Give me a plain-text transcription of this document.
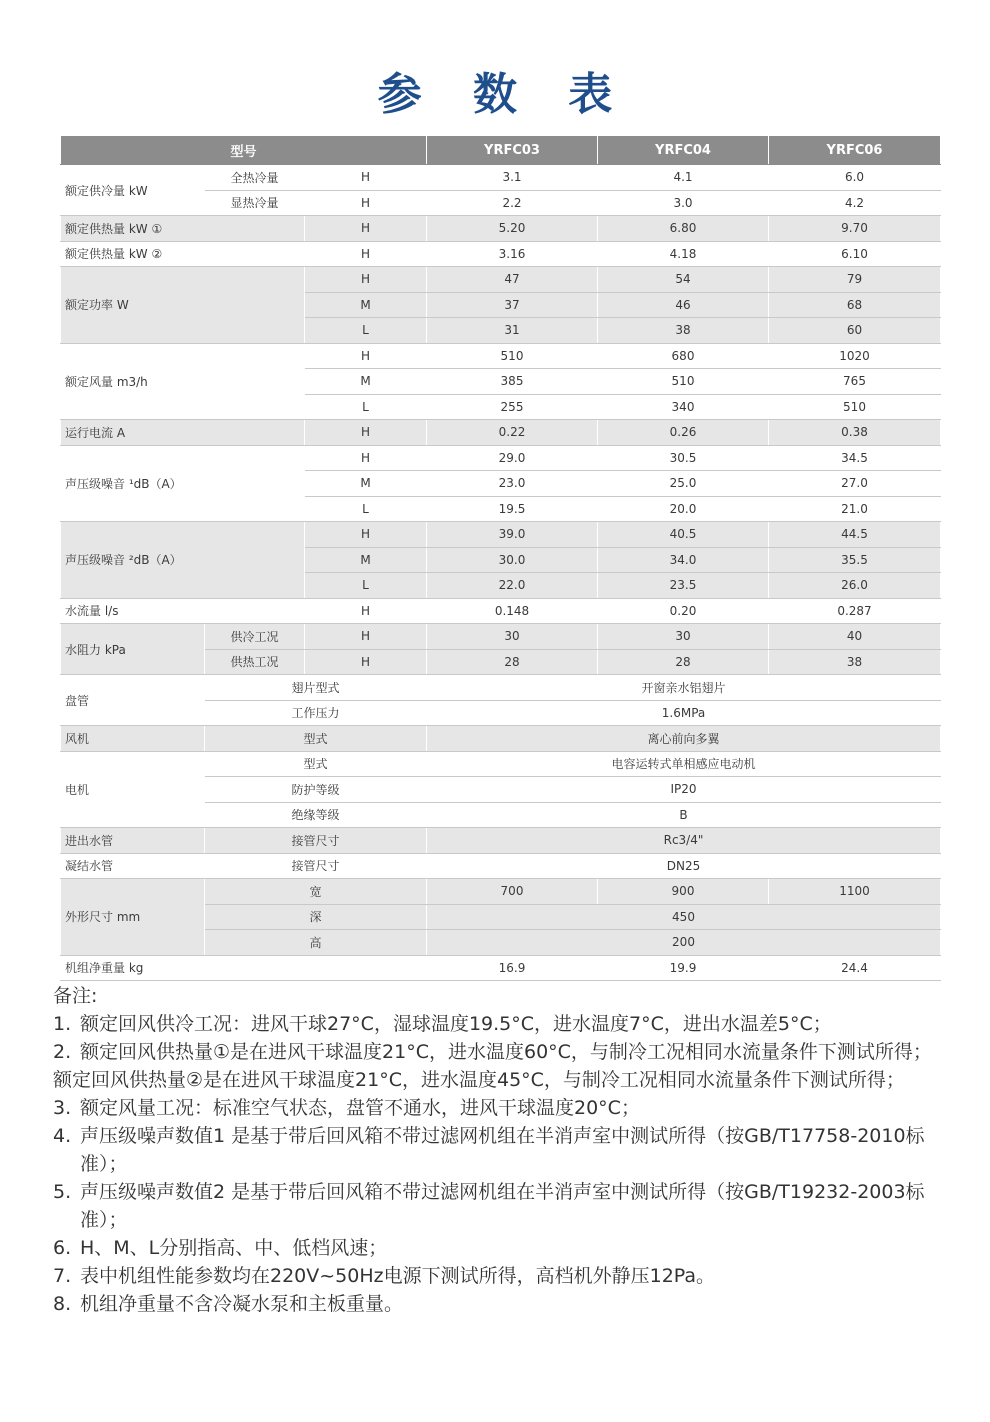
参 数 表
型号			YRFC03	YRFC04	YRFC06
额定供冷量 kW	全热冷量	H	3.1	4.1	6.0
	显热冷量	H	2.2	3.0	4.2
额定供热量 kW ①		H	5.20	6.80	9.70
额定供热量 kW ②		H	3.16	4.18	6.10
额定功率 W		H	47	54	79
		M	37	46	68
		L	31	38	60
额定风量 m3/h		H	510	680	1020
		M	385	510	765
		L	255	340	510
运行电流 A		H	0.22	0.26	0.38
声压级噪音 ¹dB（A）		H	29.0	30.5	34.5
		M	23.0	25.0	27.0
		L	19.5	20.0	21.0
声压级噪音 ²dB（A）		H	39.0	40.5	44.5
		M	30.0	34.0	35.5
		L	22.0	23.5	26.0
水流量 l/s		H	0.148	0.20	0.287
水阻力 kPa	供冷工况	H	30	30	40
	供热工况	H	28	28	38
盘管	翅片型式		开窗亲水铝翅片		
	工作压力		1.6MPa		
风机	型式		离心前向多翼		
电机	型式		电容运转式单相感应电动机		
	防护等级		IP20		
	绝缘等级		B		
进出水管	接管尺寸		Rc3/4"		
凝结水管	接管尺寸		DN25		
外形尺寸 mm	宽		700	900	1100
	深		450		
	高		200		
机组净重量 kg			16.9	19.9	24.4
备注:
1. 额定回风供冷工况：进风干球27°C，湿球温度19.5°C，进水温度7°C，进出水温差5°C；
2. 额定回风供热量①是在进风干球温度21°C，进水温度60°C，与制冷工况相同水流量条件下测试所得；
额定回风供热量②是在进风干球温度21°C，进水温度45°C，与制冷工况相同水流量条件下测试所得；
3. 额定风量工况：标准空气状态，盘管不通水，进风干球温度20°C；
4. 声压级噪声数值1 是基于带后回风箱不带过滤网机组在半消声室中测试所得（按GB/T17758-2010标准）；
5. 声压级噪声数值2 是基于带后回风箱不带过滤网机组在半消声室中测试所得（按GB/T19232-2003标准）；
6. H、M、L分别指高、中、低档风速；
7. 表中机组性能参数均在220V~50Hz电源下测试所得，高档机外静压12Pa。
8. 机组净重量不含冷凝水泵和主板重量。
